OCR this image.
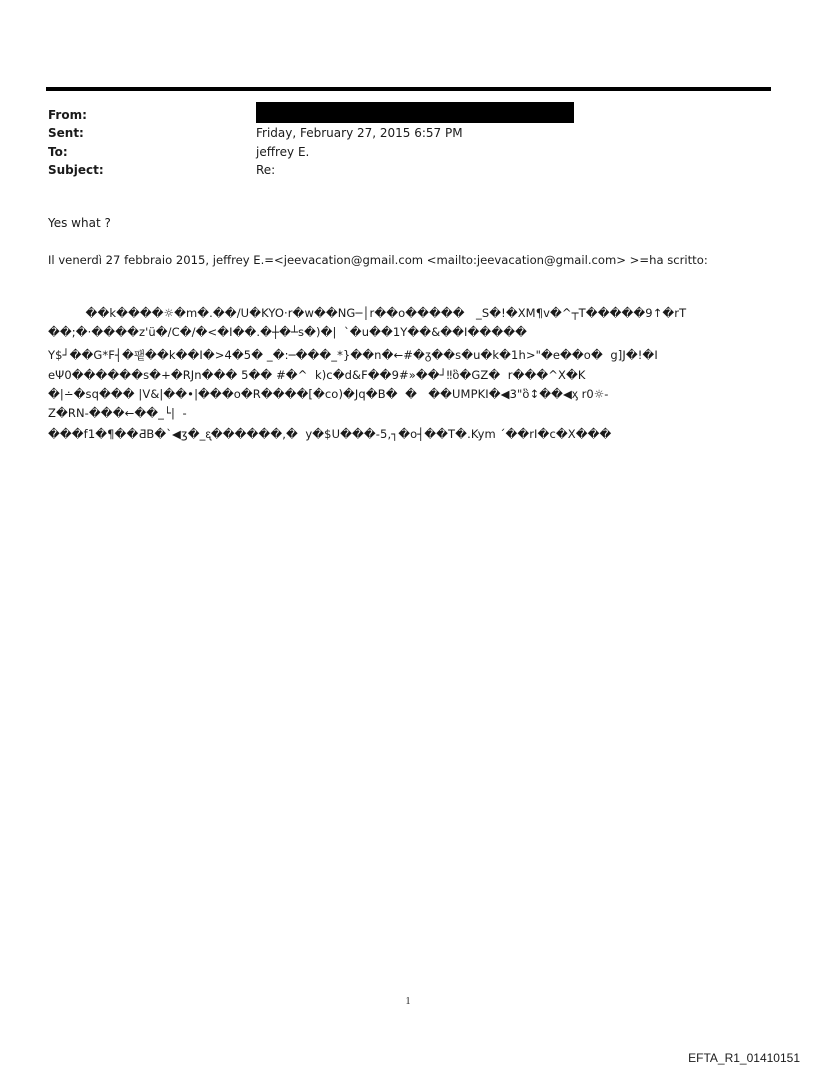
From:
Sent:	Friday, February 27, 2015 6:57 PM
To:	jeffrey E.
Subject:	Re:
Yes what ?
Il venerdì 27 febbraio 2015, jeffrey E.=<jeevacation@gmail.com <mailto:jeevacation@gmail.com> >=ha scritto:
��k����☼�m�.��/U�KYO·r�w��NG─│r��o�����   _S�!�XM¶v�^┬T�����9↑�rT
��;�·����z'ü�/C�/�<�I��.�┼�┴s�)�|  `�u��1Y��&��I�����
Y$┘��G*F┤�퍁��k��I�>4�5� _�:─���_*}��n�←#�ᵹ��s�u�k�1h>"�e��o�  g]J�!�I
eΨ0������s�+�RJn��� 5�� #�^  k)c�d&F��9#»��┘‼ὃ�GZ�  r���^X�K
�|∸�sq��� |V&|��•|���o�R����[�co)�Jq�B�  �   ��UMPKI�◀3"ὃ↕��◀ᶍ r0☼-
Z�RN-���←��_└|  -
���f1�¶��ƋB�`◀ʒ�_ᶓ������,�  y�$U���-5,┐�o┤��T�.Kym ´��rI�c�X���
1
EFTA_R1_01410151
